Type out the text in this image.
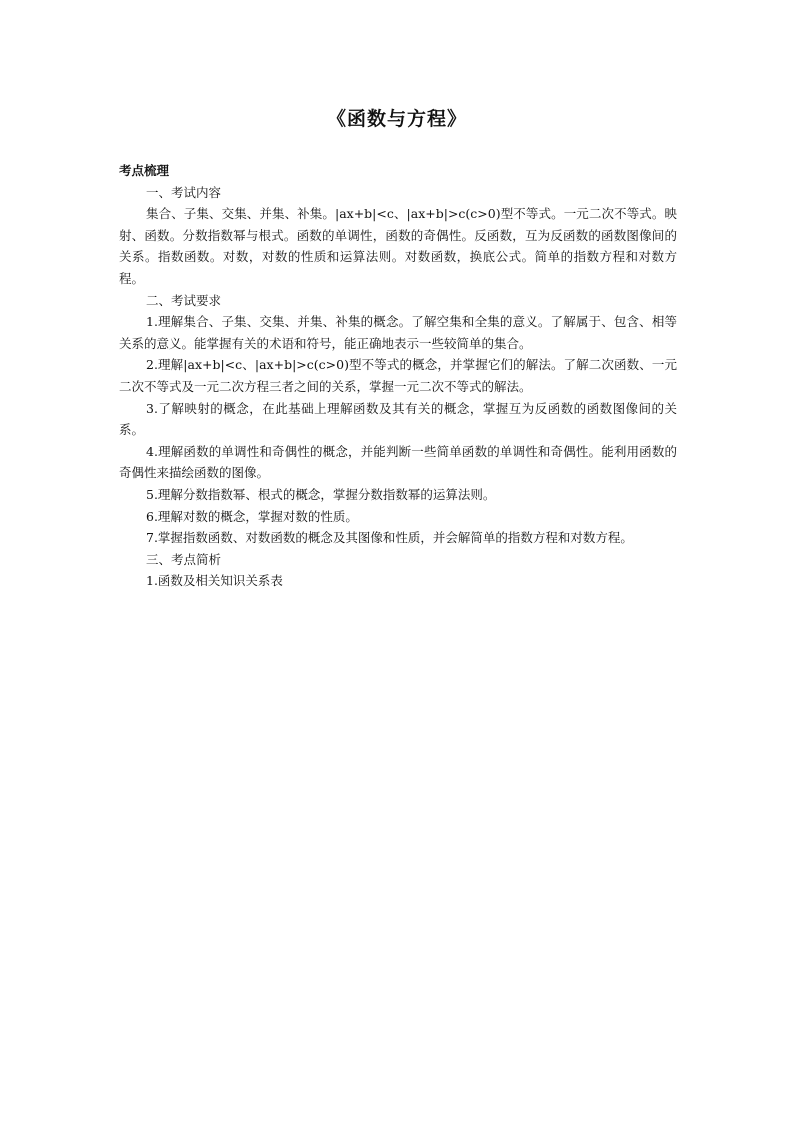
《函数与方程》

考点梳理

一、考试内容

集合、子集、交集、并集、补集。|ax+b|<c、|ax+b|>c(c>0)型不等式。一元二次不等式。映射、函数。分数指数幂与根式。函数的单调性，函数的奇偶性。反函数，互为反函数的函数图像间的关系。指数函数。对数，对数的性质和运算法则。对数函数，换底公式。简单的指数方程和对数方程。

二、考试要求

1.理解集合、子集、交集、并集、补集的概念。了解空集和全集的意义。了解属于、包含、相等关系的意义。能掌握有关的术语和符号，能正确地表示一些较简单的集合。

2.理解|ax+b|<c、|ax+b|>c(c>0)型不等式的概念，并掌握它们的解法。了解二次函数、一元二次不等式及一元二次方程三者之间的关系，掌握一元二次不等式的解法。

3.了解映射的概念，在此基础上理解函数及其有关的概念，掌握互为反函数的函数图像间的关系。

4.理解函数的单调性和奇偶性的概念，并能判断一些简单函数的单调性和奇偶性。能利用函数的奇偶性来描绘函数的图像。

5.理解分数指数幂、根式的概念，掌握分数指数幂的运算法则。

6.理解对数的概念，掌握对数的性质。

7.掌握指数函数、对数函数的概念及其图像和性质，并会解简单的指数方程和对数方程。

三、考点简析

1.函数及相关知识关系表
